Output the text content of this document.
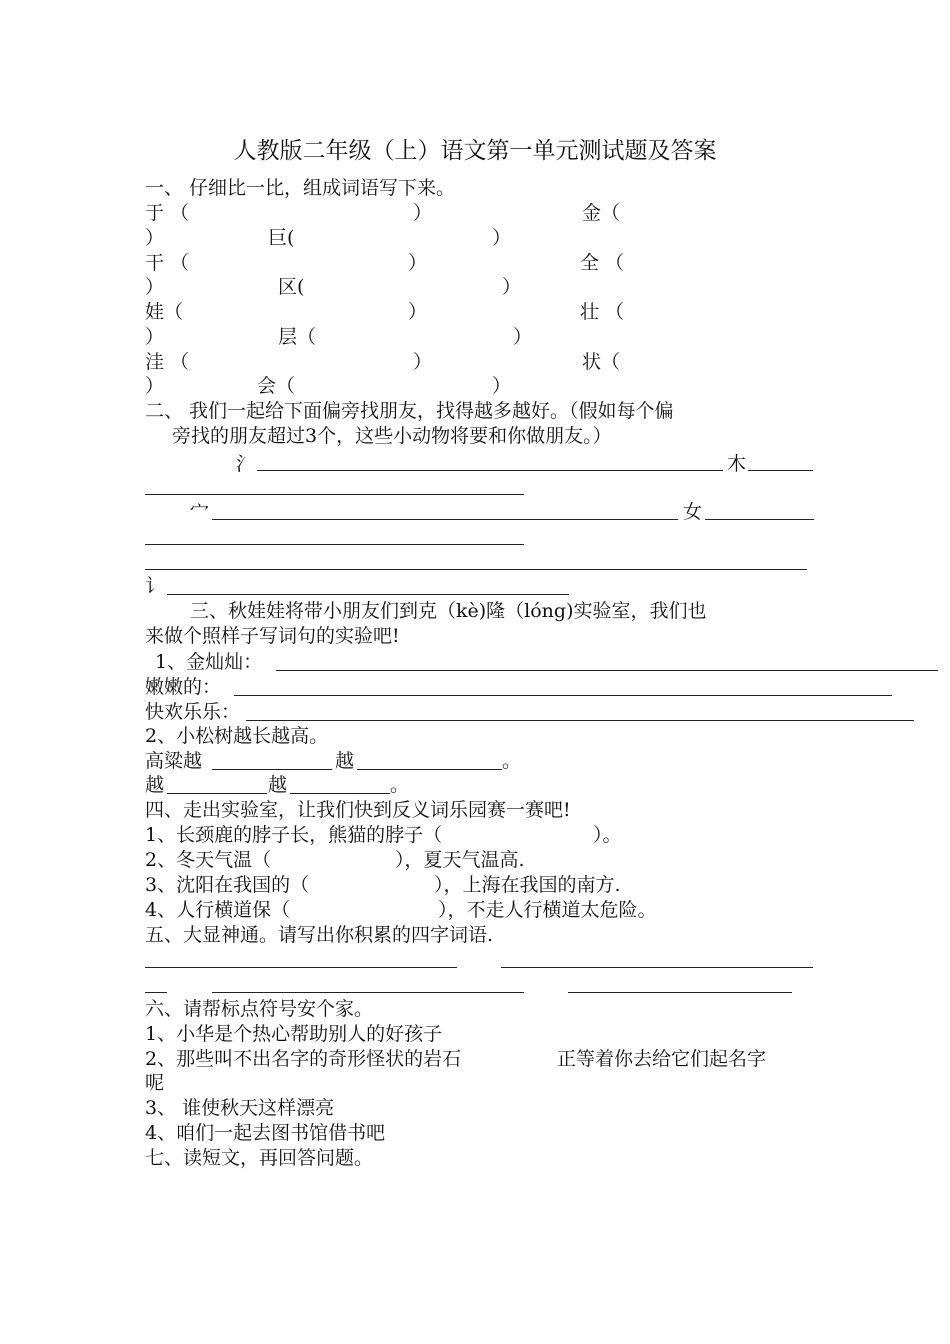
人教版二年级（上）语文第一单元测试题及答案
一、 仔细比一比，组成词语写下来。
于 （	）	金（
）	巨(	）
干 （	）	全 （
）	区(	）
娃（	）	壮 （
）	层（	）
洼 （	）	状（
）	会（	）
二、 我们一起给下面偏旁找朋友，找得越多越好。（假如每个偏
旁找的朋友超过3个，这些小动物将要和你做朋友。）
氵	木
宀	女
讠
三、秋娃娃将带小朋友们到克（kè)隆（lóng)实验室，我们也
来做个照样子写词句的实验吧!
1、金灿灿：
嫩嫩的：
快欢乐乐：
2、小松树越长越高。
高粱越	越	。
越	越	。
四、走出实验室，让我们快到反义词乐园赛一赛吧!
1、长颈鹿的脖子长，熊猫的脖子（	）。
2、冬天气温（	），夏天气温高.
3、沈阳在我国的（	），上海在我国的南方.
4、人行横道保（	），不走人行横道太危险。
五、大显神通。请写出你积累的四字词语.
六、请帮标点符号安个家。
1、小华是个热心帮助别人的好孩子
2、那些叫不出名字的奇形怪状的岩石	正等着你去给它们起名字
呢
3、 谁使秋天这样漂亮
4、咱们一起去图书馆借书吧
七、读短文，再回答问题。
